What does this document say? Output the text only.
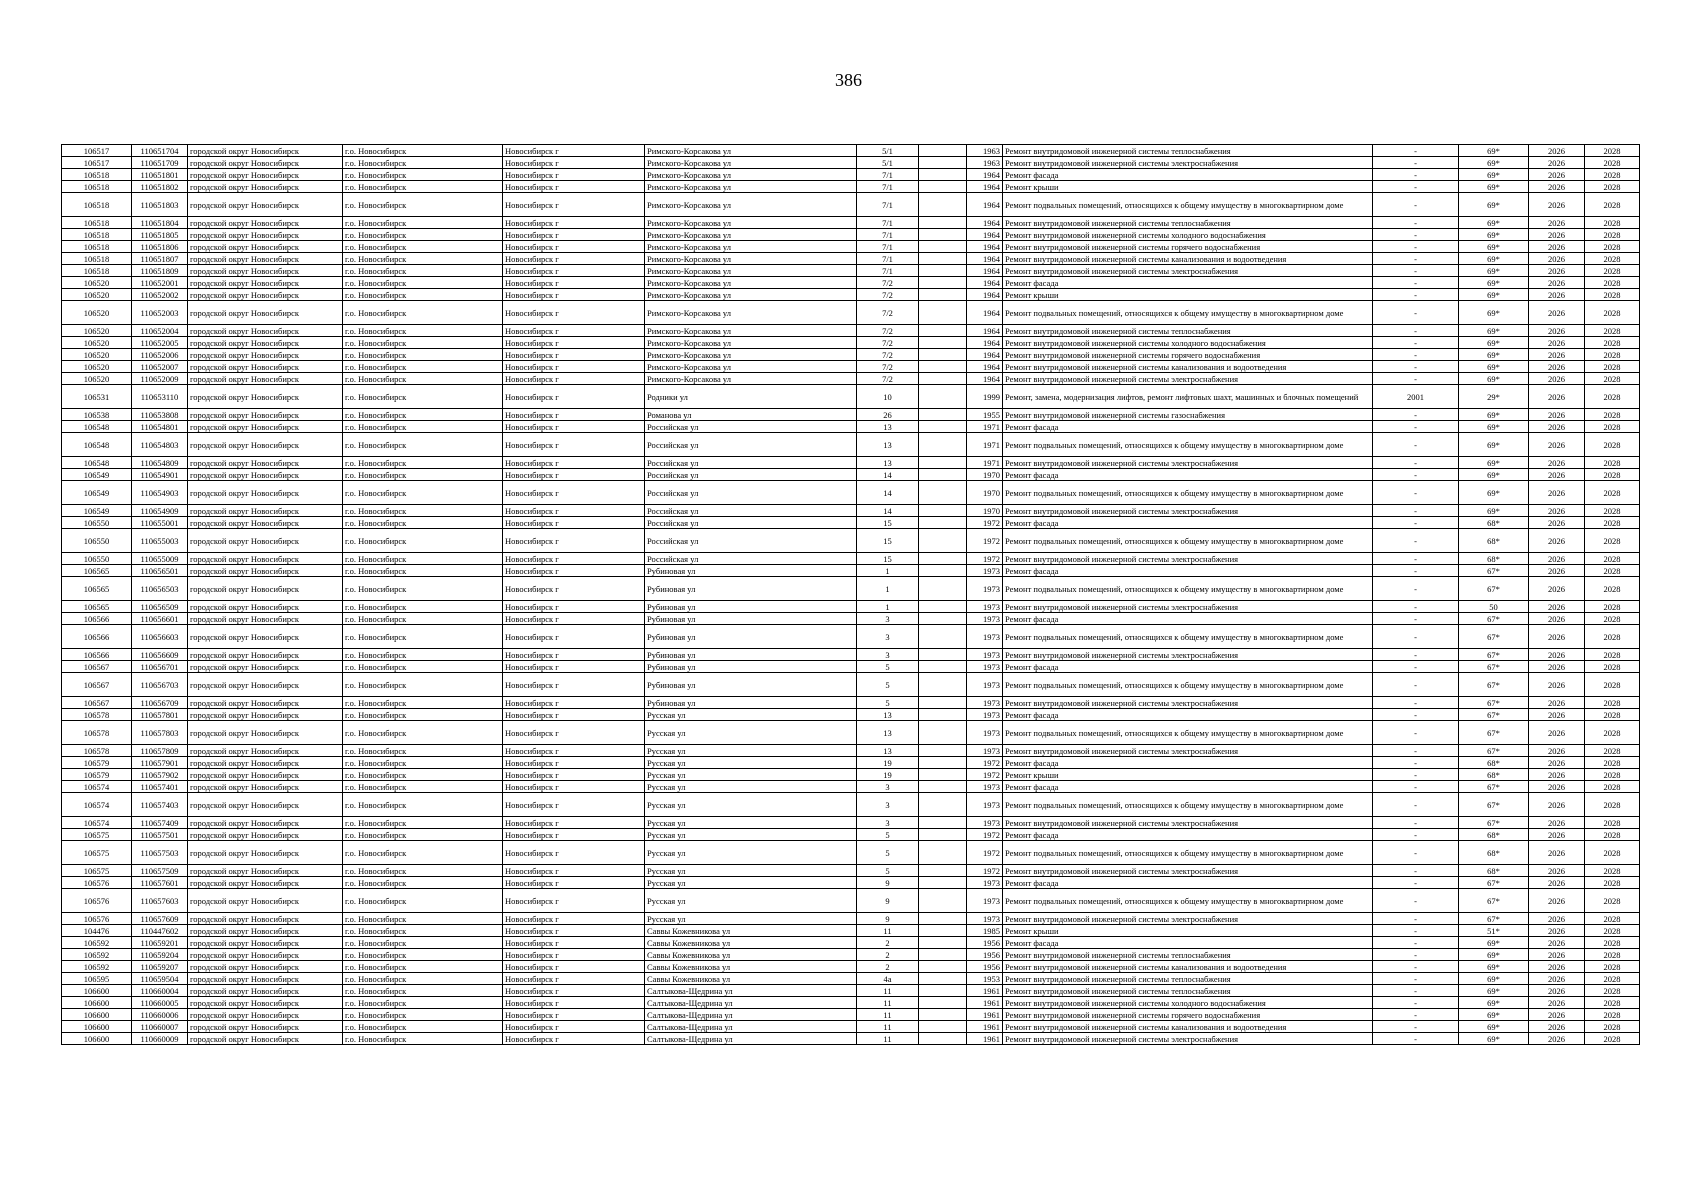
386
106517	110651704	городской округ Новосибирск	г.о. Новосибирск	Новосибирск г	Римского-Корсакова ул	5/1		1963	Ремонт внутридомовой инженерной системы теплоснабжения	-	69*	2026	2028
106517	110651709	городской округ Новосибирск	г.о. Новосибирск	Новосибирск г	Римского-Корсакова ул	5/1		1963	Ремонт внутридомовой инженерной системы электроснабжения	-	69*	2026	2028
106518	110651801	городской округ Новосибирск	г.о. Новосибирск	Новосибирск г	Римского-Корсакова ул	7/1		1964	Ремонт фасада	-	69*	2026	2028
106518	110651802	городской округ Новосибирск	г.о. Новосибирск	Новосибирск г	Римского-Корсакова ул	7/1		1964	Ремонт крыши	-	69*	2026	2028
106518	110651803	городской округ Новосибирск	г.о. Новосибирск	Новосибирск г	Римского-Корсакова ул	7/1		1964	Ремонт подвальных помещений, относящихся к общему имуществу в многоквартирном доме	-	69*	2026	2028
106518	110651804	городской округ Новосибирск	г.о. Новосибирск	Новосибирск г	Римского-Корсакова ул	7/1		1964	Ремонт внутридомовой инженерной системы теплоснабжения	-	69*	2026	2028
106518	110651805	городской округ Новосибирск	г.о. Новосибирск	Новосибирск г	Римского-Корсакова ул	7/1		1964	Ремонт внутридомовой инженерной системы холодного водоснабжения	-	69*	2026	2028
106518	110651806	городской округ Новосибирск	г.о. Новосибирск	Новосибирск г	Римского-Корсакова ул	7/1		1964	Ремонт внутридомовой инженерной системы горячего водоснабжения	-	69*	2026	2028
106518	110651807	городской округ Новосибирск	г.о. Новосибирск	Новосибирск г	Римского-Корсакова ул	7/1		1964	Ремонт внутридомовой инженерной системы канализования и водоотведения	-	69*	2026	2028
106518	110651809	городской округ Новосибирск	г.о. Новосибирск	Новосибирск г	Римского-Корсакова ул	7/1		1964	Ремонт внутридомовой инженерной системы электроснабжения	-	69*	2026	2028
106520	110652001	городской округ Новосибирск	г.о. Новосибирск	Новосибирск г	Римского-Корсакова ул	7/2		1964	Ремонт фасада	-	69*	2026	2028
106520	110652002	городской округ Новосибирск	г.о. Новосибирск	Новосибирск г	Римского-Корсакова ул	7/2		1964	Ремонт крыши	-	69*	2026	2028
106520	110652003	городской округ Новосибирск	г.о. Новосибирск	Новосибирск г	Римского-Корсакова ул	7/2		1964	Ремонт подвальных помещений, относящихся к общему имуществу в многоквартирном доме	-	69*	2026	2028
106520	110652004	городской округ Новосибирск	г.о. Новосибирск	Новосибирск г	Римского-Корсакова ул	7/2		1964	Ремонт внутридомовой инженерной системы теплоснабжения	-	69*	2026	2028
106520	110652005	городской округ Новосибирск	г.о. Новосибирск	Новосибирск г	Римского-Корсакова ул	7/2		1964	Ремонт внутридомовой инженерной системы холодного водоснабжения	-	69*	2026	2028
106520	110652006	городской округ Новосибирск	г.о. Новосибирск	Новосибирск г	Римского-Корсакова ул	7/2		1964	Ремонт внутридомовой инженерной системы горячего водоснабжения	-	69*	2026	2028
106520	110652007	городской округ Новосибирск	г.о. Новосибирск	Новосибирск г	Римского-Корсакова ул	7/2		1964	Ремонт внутридомовой инженерной системы канализования и водоотведения	-	69*	2026	2028
106520	110652009	городской округ Новосибирск	г.о. Новосибирск	Новосибирск г	Римского-Корсакова ул	7/2		1964	Ремонт внутридомовой инженерной системы электроснабжения	-	69*	2026	2028
106531	110653110	городской округ Новосибирск	г.о. Новосибирск	Новосибирск г	Родники ул	10		1999	Ремонт, замена, модернизация лифтов, ремонт лифтовых шахт, машинных и блочных помещений	2001	29*	2026	2028
106538	110653808	городской округ Новосибирск	г.о. Новосибирск	Новосибирск г	Романова ул	26		1955	Ремонт внутридомовой инженерной системы газоснабжения	-	69*	2026	2028
106548	110654801	городской округ Новосибирск	г.о. Новосибирск	Новосибирск г	Российская ул	13		1971	Ремонт фасада	-	69*	2026	2028
106548	110654803	городской округ Новосибирск	г.о. Новосибирск	Новосибирск г	Российская ул	13		1971	Ремонт подвальных помещений, относящихся к общему имуществу в многоквартирном доме	-	69*	2026	2028
106548	110654809	городской округ Новосибирск	г.о. Новосибирск	Новосибирск г	Российская ул	13		1971	Ремонт внутридомовой инженерной системы электроснабжения	-	69*	2026	2028
106549	110654901	городской округ Новосибирск	г.о. Новосибирск	Новосибирск г	Российская ул	14		1970	Ремонт фасада	-	69*	2026	2028
106549	110654903	городской округ Новосибирск	г.о. Новосибирск	Новосибирск г	Российская ул	14		1970	Ремонт подвальных помещений, относящихся к общему имуществу в многоквартирном доме	-	69*	2026	2028
106549	110654909	городской округ Новосибирск	г.о. Новосибирск	Новосибирск г	Российская ул	14		1970	Ремонт внутридомовой инженерной системы электроснабжения	-	69*	2026	2028
106550	110655001	городской округ Новосибирск	г.о. Новосибирск	Новосибирск г	Российская ул	15		1972	Ремонт фасада	-	68*	2026	2028
106550	110655003	городской округ Новосибирск	г.о. Новосибирск	Новосибирск г	Российская ул	15		1972	Ремонт подвальных помещений, относящихся к общему имуществу в многоквартирном доме	-	68*	2026	2028
106550	110655009	городской округ Новосибирск	г.о. Новосибирск	Новосибирск г	Российская ул	15		1972	Ремонт внутридомовой инженерной системы электроснабжения	-	68*	2026	2028
106565	110656501	городской округ Новосибирск	г.о. Новосибирск	Новосибирск г	Рубиновая ул	1		1973	Ремонт фасада	-	67*	2026	2028
106565	110656503	городской округ Новосибирск	г.о. Новосибирск	Новосибирск г	Рубиновая ул	1		1973	Ремонт подвальных помещений, относящихся к общему имуществу в многоквартирном доме	-	67*	2026	2028
106565	110656509	городской округ Новосибирск	г.о. Новосибирск	Новосибирск г	Рубиновая ул	1		1973	Ремонт внутридомовой инженерной системы электроснабжения	-	50	2026	2028
106566	110656601	городской округ Новосибирск	г.о. Новосибирск	Новосибирск г	Рубиновая ул	3		1973	Ремонт фасада	-	67*	2026	2028
106566	110656603	городской округ Новосибирск	г.о. Новосибирск	Новосибирск г	Рубиновая ул	3		1973	Ремонт подвальных помещений, относящихся к общему имуществу в многоквартирном доме	-	67*	2026	2028
106566	110656609	городской округ Новосибирск	г.о. Новосибирск	Новосибирск г	Рубиновая ул	3		1973	Ремонт внутридомовой инженерной системы электроснабжения	-	67*	2026	2028
106567	110656701	городской округ Новосибирск	г.о. Новосибирск	Новосибирск г	Рубиновая ул	5		1973	Ремонт фасада	-	67*	2026	2028
106567	110656703	городской округ Новосибирск	г.о. Новосибирск	Новосибирск г	Рубиновая ул	5		1973	Ремонт подвальных помещений, относящихся к общему имуществу в многоквартирном доме	-	67*	2026	2028
106567	110656709	городской округ Новосибирск	г.о. Новосибирск	Новосибирск г	Рубиновая ул	5		1973	Ремонт внутридомовой инженерной системы электроснабжения	-	67*	2026	2028
106578	110657801	городской округ Новосибирск	г.о. Новосибирск	Новосибирск г	Русская ул	13		1973	Ремонт фасада	-	67*	2026	2028
106578	110657803	городской округ Новосибирск	г.о. Новосибирск	Новосибирск г	Русская ул	13		1973	Ремонт подвальных помещений, относящихся к общему имуществу в многоквартирном доме	-	67*	2026	2028
106578	110657809	городской округ Новосибирск	г.о. Новосибирск	Новосибирск г	Русская ул	13		1973	Ремонт внутридомовой инженерной системы электроснабжения	-	67*	2026	2028
106579	110657901	городской округ Новосибирск	г.о. Новосибирск	Новосибирск г	Русская ул	19		1972	Ремонт фасада	-	68*	2026	2028
106579	110657902	городской округ Новосибирск	г.о. Новосибирск	Новосибирск г	Русская ул	19		1972	Ремонт крыши	-	68*	2026	2028
106574	110657401	городской округ Новосибирск	г.о. Новосибирск	Новосибирск г	Русская ул	3		1973	Ремонт фасада	-	67*	2026	2028
106574	110657403	городской округ Новосибирск	г.о. Новосибирск	Новосибирск г	Русская ул	3		1973	Ремонт подвальных помещений, относящихся к общему имуществу в многоквартирном доме	-	67*	2026	2028
106574	110657409	городской округ Новосибирск	г.о. Новосибирск	Новосибирск г	Русская ул	3		1973	Ремонт внутридомовой инженерной системы электроснабжения	-	67*	2026	2028
106575	110657501	городской округ Новосибирск	г.о. Новосибирск	Новосибирск г	Русская ул	5		1972	Ремонт фасада	-	68*	2026	2028
106575	110657503	городской округ Новосибирск	г.о. Новосибирск	Новосибирск г	Русская ул	5		1972	Ремонт подвальных помещений, относящихся к общему имуществу в многоквартирном доме	-	68*	2026	2028
106575	110657509	городской округ Новосибирск	г.о. Новосибирск	Новосибирск г	Русская ул	5		1972	Ремонт внутридомовой инженерной системы электроснабжения	-	68*	2026	2028
106576	110657601	городской округ Новосибирск	г.о. Новосибирск	Новосибирск г	Русская ул	9		1973	Ремонт фасада	-	67*	2026	2028
106576	110657603	городской округ Новосибирск	г.о. Новосибирск	Новосибирск г	Русская ул	9		1973	Ремонт подвальных помещений, относящихся к общему имуществу в многоквартирном доме	-	67*	2026	2028
106576	110657609	городской округ Новосибирск	г.о. Новосибирск	Новосибирск г	Русская ул	9		1973	Ремонт внутридомовой инженерной системы электроснабжения	-	67*	2026	2028
104476	110447602	городской округ Новосибирск	г.о. Новосибирск	Новосибирск г	Саввы Кожевникова ул	11		1985	Ремонт крыши	-	51*	2026	2028
106592	110659201	городской округ Новосибирск	г.о. Новосибирск	Новосибирск г	Саввы Кожевникова ул	2		1956	Ремонт фасада	-	69*	2026	2028
106592	110659204	городской округ Новосибирск	г.о. Новосибирск	Новосибирск г	Саввы Кожевникова ул	2		1956	Ремонт внутридомовой инженерной системы теплоснабжения	-	69*	2026	2028
106592	110659207	городской округ Новосибирск	г.о. Новосибирск	Новосибирск г	Саввы Кожевникова ул	2		1956	Ремонт внутридомовой инженерной системы канализования и водоотведения	-	69*	2026	2028
106595	110659504	городской округ Новосибирск	г.о. Новосибирск	Новосибирск г	Саввы Кожевникова ул	4а		1953	Ремонт внутридомовой инженерной системы теплоснабжения	-	69*	2026	2028
106600	110660004	городской округ Новосибирск	г.о. Новосибирск	Новосибирск г	Салтыкова-Щедрина ул	11		1961	Ремонт внутридомовой инженерной системы теплоснабжения	-	69*	2026	2028
106600	110660005	городской округ Новосибирск	г.о. Новосибирск	Новосибирск г	Салтыкова-Щедрина ул	11		1961	Ремонт внутридомовой инженерной системы холодного водоснабжения	-	69*	2026	2028
106600	110660006	городской округ Новосибирск	г.о. Новосибирск	Новосибирск г	Салтыкова-Щедрина ул	11		1961	Ремонт внутридомовой инженерной системы горячего водоснабжения	-	69*	2026	2028
106600	110660007	городской округ Новосибирск	г.о. Новосибирск	Новосибирск г	Салтыкова-Щедрина ул	11		1961	Ремонт внутридомовой инженерной системы канализования и водоотведения	-	69*	2026	2028
106600	110660009	городской округ Новосибирск	г.о. Новосибирск	Новосибирск г	Салтыкова-Щедрина ул	11		1961	Ремонт внутридомовой инженерной системы электроснабжения	-	69*	2026	2028
